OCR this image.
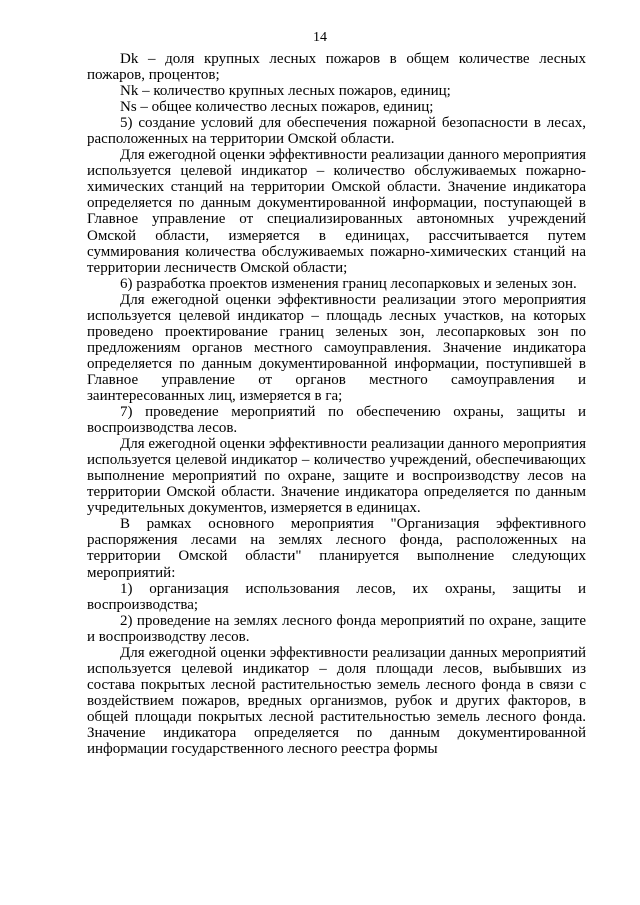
14

Dk – доля крупных лесных пожаров в общем количестве лесных пожаров, процентов;

Nk – количество крупных лесных пожаров, единиц;

Ns – общее количество лесных пожаров, единиц;

5) создание условий для обеспечения пожарной безопасности в лесах, расположенных на территории Омской области.

Для ежегодной оценки эффективности реализации данного мероприятия используется целевой индикатор – количество обслуживаемых пожарно-химических станций на территории Омской области. Значение индикатора определяется по данным документированной информации, поступающей в Главное управление от специализированных автономных учреждений Омской области, измеряется в единицах, рассчитывается путем суммирования количества обслуживаемых пожарно-химических станций на территории лесничеств Омской области;

6) разработка проектов изменения границ лесопарковых и зеленых зон.

Для ежегодной оценки эффективности реализации этого мероприятия используется целевой индикатор – площадь лесных участков, на которых проведено проектирование границ зеленых зон, лесопарковых зон по предложениям органов местного самоуправления. Значение индикатора определяется по данным документированной информации, поступившей в Главное управление от органов местного самоуправления и заинтересованных лиц, измеряется в га;

7) проведение мероприятий по обеспечению охраны, защиты и воспроизводства лесов.

Для ежегодной оценки эффективности реализации данного мероприятия используется целевой индикатор – количество учреждений, обеспечивающих выполнение мероприятий по охране, защите и воспроизводству лесов на территории Омской области. Значение индикатора определяется по данным учредительных документов, измеряется в единицах.

В рамках основного мероприятия "Организация эффективного распоряжения лесами на землях лесного фонда, расположенных на территории Омской области" планируется выполнение следующих мероприятий:

1) организация использования лесов, их охраны, защиты и воспроизводства;

2) проведение на землях лесного фонда мероприятий по охране, защите и воспроизводству лесов.

Для ежегодной оценки эффективности реализации данных мероприятий используется целевой индикатор – доля площади лесов, выбывших из состава покрытых лесной растительностью земель лесного фонда в связи с воздействием пожаров, вредных организмов, рубок и других факторов, в общей площади покрытых лесной растительностью земель лесного фонда. Значение индикатора определяется по данным документированной информации государственного лесного реестра формы
